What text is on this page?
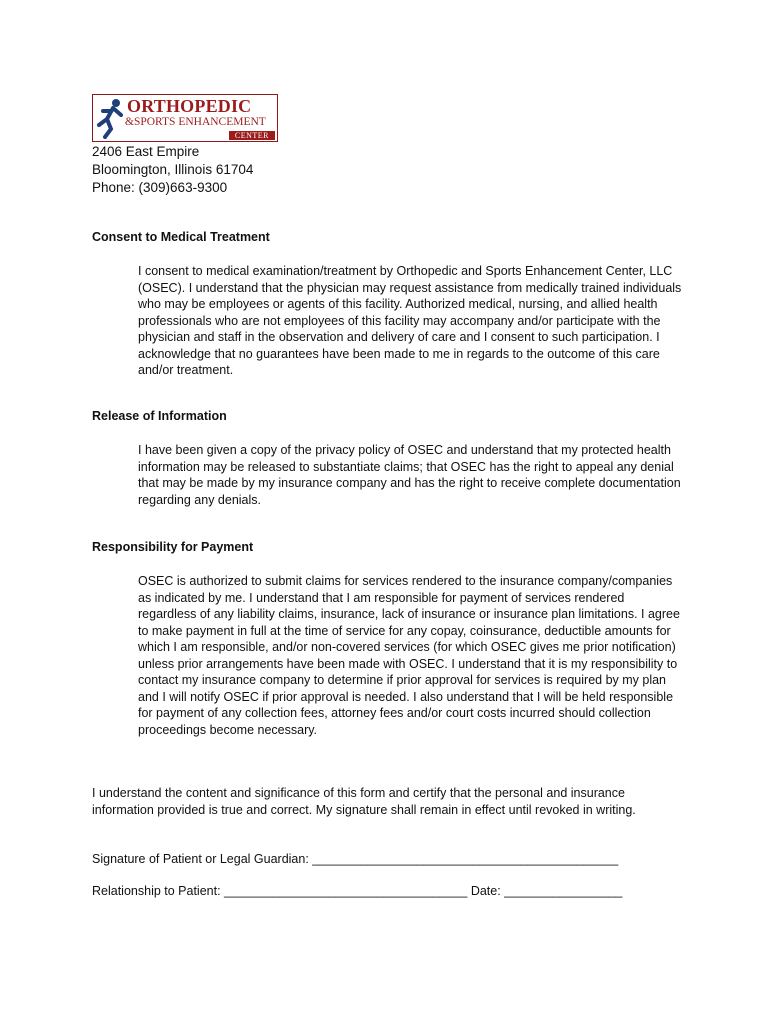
ORTHOPEDIC
&SPORTS ENHANCEMENT
CENTER
2406 East Empire
Bloomington, Illinois 61704
Phone: (309)663-9300
Consent to Medical Treatment

I consent to medical examination/treatment by Orthopedic and Sports Enhancement Center, LLC (OSEC). I understand that the physician may request assistance from medically trained individuals who may be employees or agents of this facility. Authorized medical, nursing, and allied health professionals who are not employees of this facility may accompany and/or participate with the physician and staff in the observation and delivery of care and I consent to such participation. I acknowledge that no guarantees have been made to me in regards to the outcome of this care and/or treatment.

Release of Information

I have been given a copy of the privacy policy of OSEC and understand that my protected health information may be released to substantiate claims; that OSEC has the right to appeal any denial that may be made by my insurance company and has the right to receive complete documentation regarding any denials.

Responsibility for Payment

OSEC is authorized to submit claims for services rendered to the insurance company/companies as indicated by me. I understand that I am responsible for payment of services rendered regardless of any liability claims, insurance, lack of insurance or insurance plan limitations. I agree to make payment in full at the time of service for any copay, coinsurance, deductible amounts for which I am responsible, and/or non-covered services (for which OSEC gives me prior notification) unless prior arrangements have been made with OSEC. I understand that it is my responsibility to contact my insurance company to determine if prior approval for services is required by my plan and I will notify OSEC if prior approval is needed. I also understand that I will be held responsible for payment of any collection fees, attorney fees and/or court costs incurred should collection proceedings become necessary.

I understand the content and significance of this form and certify that the personal and insurance information provided is true and correct. My signature shall remain in effect until revoked in writing.

Signature of Patient or Legal Guardian: ____________________________________________
Relationship to Patient: ___________________________________ Date: _________________
